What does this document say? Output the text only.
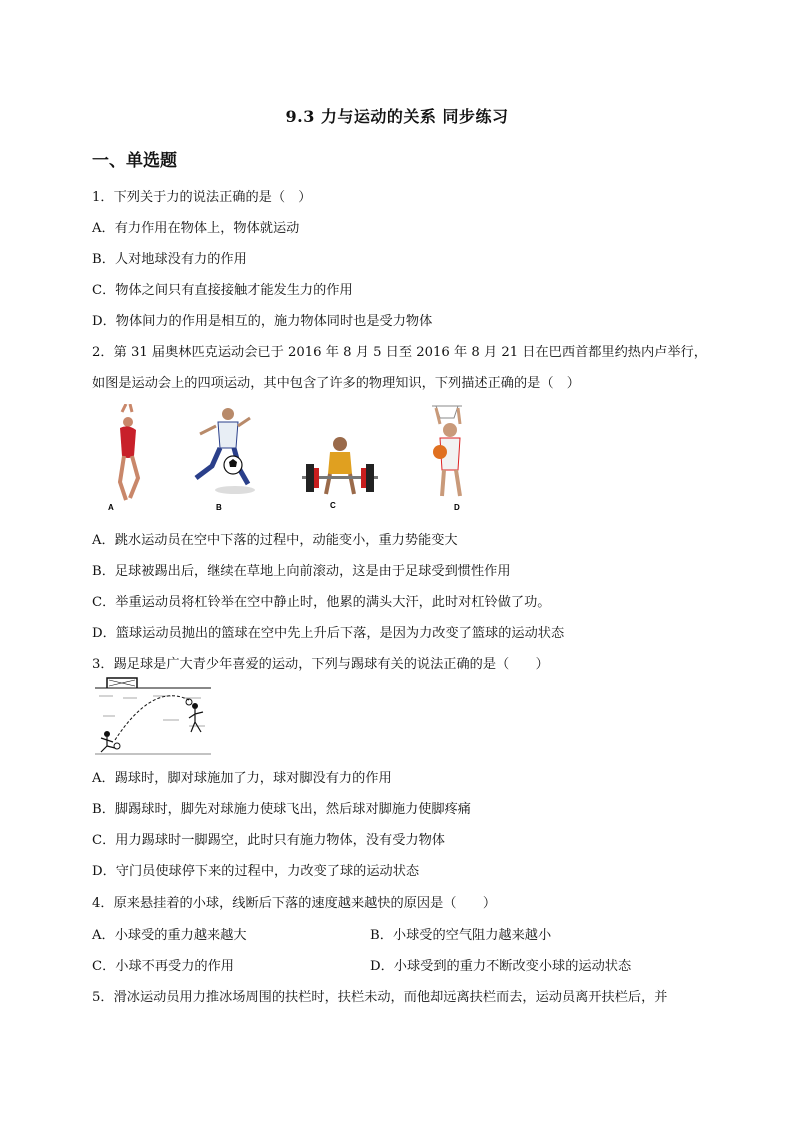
9.3 力与运动的关系 同步练习
一、单选题
1．下列关于力的说法正确的是（　）
A．有力作用在物体上，物体就运动
B．人对地球没有力的作用
C．物体之间只有直接接触才能发生力的作用
D．物体间力的作用是相互的，施力物体同时也是受力物体
2．第 31 届奥林匹克运动会已于 2016 年 8 月 5 日至 2016 年 8 月 21 日在巴西首都里约热内卢举行，
如图是运动会上的四项运动，其中包含了许多的物理知识，下列描述正确的是（　）
A	B	C	D
A．跳水运动员在空中下落的过程中，动能变小，重力势能变大
B．足球被踢出后，继续在草地上向前滚动，这是由于足球受到惯性作用
C．举重运动员将杠铃举在空中静止时，他累的满头大汗，此时对杠铃做了功。
D．篮球运动员抛出的篮球在空中先上升后下落，是因为力改变了篮球的运动状态
3．踢足球是广大青少年喜爱的运动，下列与踢球有关的说法正确的是（　　）
A．踢球时，脚对球施加了力，球对脚没有力的作用
B．脚踢球时，脚先对球施力使球飞出，然后球对脚施力使脚疼痛
C．用力踢球时一脚踢空，此时只有施力物体，没有受力物体
D．守门员使球停下来的过程中，力改变了球的运动状态
4．原来悬挂着的小球，线断后下落的速度越来越快的原因是（　　）
A．小球受的重力越来越大	B．小球受的空气阻力越来越小
C．小球不再受力的作用	D．小球受到的重力不断改变小球的运动状态
5．滑冰运动员用力推冰场周围的扶栏时，扶栏未动，而他却远离扶栏而去，运动员离开扶栏后，并
